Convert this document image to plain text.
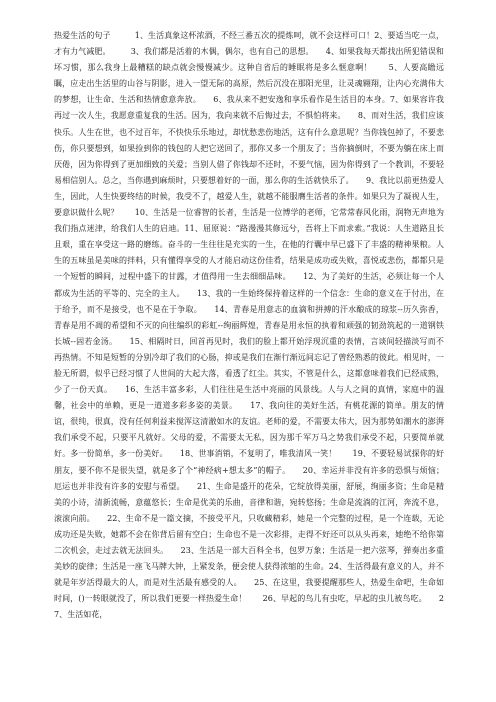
热爱生活的句子　　　1、生活真象这杯浓酒，不经三番五次的提炼呵，就不会这样可口！2、要适当吃一点，才有力气减肥。　　　3、我们都是活着的木偶，偶尔，也有自己的思想。　　4、如果我每天都找出所犯错误和坏习惯，那么我身上最糟糕的缺点就会慢慢减少。这种自省后的睡眠将是多么惬意啊！　　5、人要高瞻远瞩，应走出生活里的山谷与阴影，进入一望无际的高原，然后沉没在那阳光里，让灵魂翱翔，让内心充满伟大的梦想，让生命、生活和热情愈意奔放。　　6、我从来不把安逸和享乐看作是生活目的本身。7、如果容许我再过一次人生，我愿意重复我的生活。因为，我向来就不后悔过去，不惧怕将来。　　8、而对生活，我们应该快乐。人生在世，也不过百年，不快快乐乐地过，却忧愁悲伤地活，这有什么意思呢？当你钱包掉了，不要悲伤，你只要想到，如果捡到你的钱包的人把它送回了，那你又多一个朋友了；当你摘倒时，不要为躺在床上而厌倦，因为你得到了更加细致的关爱；当别人借了你钱却不还时，不要气恼，因为你得到了一个教训，不要轻易相信别人。总之，当你遇到麻烦时，只要想着好的一面，那么你的生活就快乐了。　　9、我比以前更热爱人生，因此，人生快要终结的时候，我受不了，越爱人生，就越不能服膺生活者的条件。如果只为了凝视人生，要意识做什么呢？　　10、生活是一位睿智的长者，生活是一位博学的老师，它常常春风化雨，润物无声地为我们指点迷津，给我们人生的启迪。11、屈原说：“路漫漫其修远兮，吾将上下而求索。”我说：人生道路且长且艰，重在享受这一路的磨练。奋斗的一生往往是充实的一生，在他的行囊中早已盛下了丰盛的精神果粮。人生的五味虽是美味的拌料，只有懂得享受的人才能启动这份佳肴，结果是成功或失败，喜悦或悲伤，都都只是一个短暂的瞬间，过程中盛下的甘露，才值得用一生去细细品味。　　12、为了美好的生活，必须让每一个人都成为生活的平等的、完全的主人。　　13、我的一生始终保持着这样的一个信念：生命的意义在于付出，在于给予，而不是接受，也不是在于争取。　　14、青春是用意志的血滴和拼搏的汗水酿成的琼浆--历久弥香，青春是用不凋的希望和不灭的向往编织的彩虹--绚丽辉煌，青春是用永恒的执着和顽强的韧劲筑起的一道钢铁长城--固若金汤。　　15、相隔时日，回首再见时，我们的脸上都开始浮现沉重的表情，言谈间轻描淡写而不再热情。不知是短暂的分别冷却了我们的心肠，抑或是我们在渐行渐远间忘记了曾经熟悉的彼此。相见时，一脸无所谓，似乎已经习惯了人世间的大起大落，看透了红尘。其实，不管是什么，这都意味着我们已经成熟，少了一份天真。　　16、生活丰富多彩，人们往往是生活中亮丽的风景线。人与人之间的真情，家庭中的温馨，社会中的单赖，更是一道道多彩多姿的美景。　　17、我向往的美好生活，有桃花源的简单。朋友的情谊，很纯，很真，没有任何利益来搅浑这清澈如水的友谊。老师的爱，不需要太伟大，因为那势如潮水的澎湃我们承受不起，只要平凡就好。父母的爱，不需要太无私，因为那千军万马之势我们承受不起，只要简单就好。多一份简单，多一份美好。　　18、世事消销，不复明了，唯我清风一笑！　　19、不要轻易试探你的好朋友，要不你不是很失望，就是多了个“神经病+想太多”的帽子。　　20、幸运并非没有许多的恐惧与烦恼；厄运也并非没有许多的安慰与希望。　　21、生命是盛开的花朵，它绽放得美丽，舒展，绚丽多资；生命是精美的小诗，清新流畅，意蕴悠长；生命是优美的乐曲，音律和谐，宛转悠扬；生命是流淌的江河，奔流不息，滚滚向前。　　22、生命不是一篇文摘，不接受平凡，只收藏精彩，她是一个完整的过程，是一个连载，无论成功还是失败，她都不会在你背后留有空白；生命也不是一次彩排，走得不好还可以从头再来，她绝不给你第二次机会，走过去就无法回头。　　23、生活是一部大百科全书，包罗万象；生活是一把六弦琴，弹奏出多重美妙的旋律；生活是一座飞马牌大钟，上紧发条，便会使人获得浓缩的生命。24、生活得最有意义的人，并不就是年岁活得最大的人，而是对生活最有感受的人。　　25、在这里，我要提醒那些人，热爱生命吧，生命如时间，()一转眼就没了，所以我们更要一样热爱生命！　　26、早起的鸟儿有虫吃，早起的虫儿被鸟吃。　　27、生活如花，
